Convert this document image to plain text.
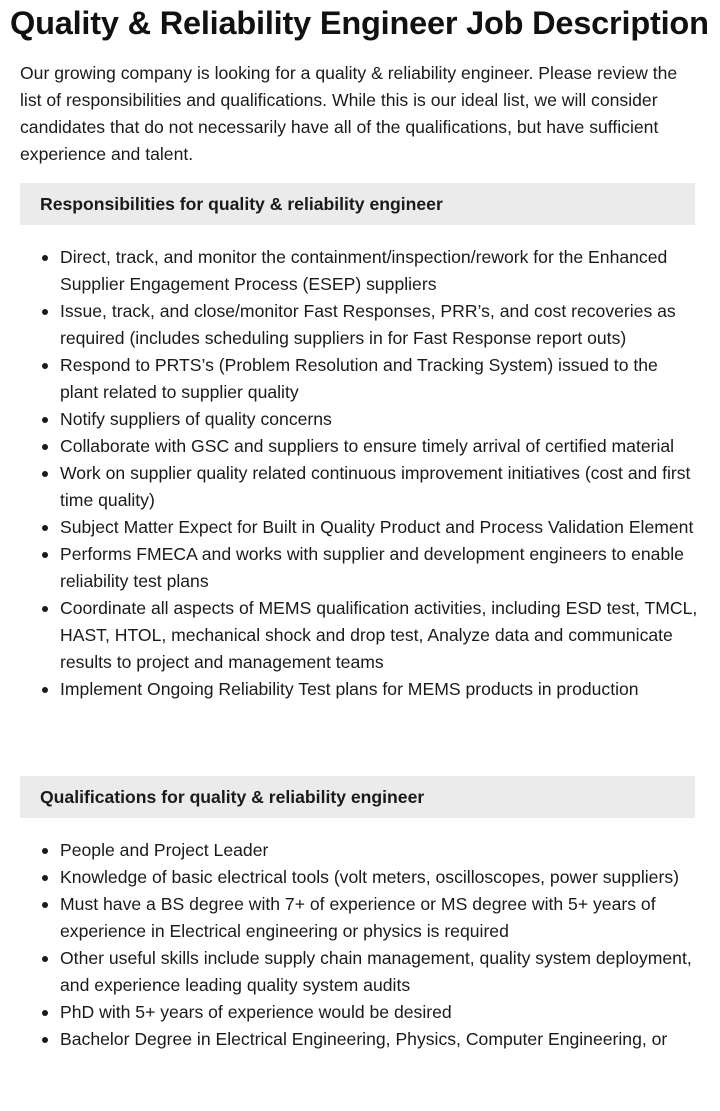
Quality & Reliability Engineer Job Description

Our growing company is looking for a quality & reliability engineer. Please review the list of responsibilities and qualifications. While this is our ideal list, we will consider candidates that do not necessarily have all of the qualifications, but have sufficient experience and talent.

Responsibilities for quality & reliability engineer
Direct, track, and monitor the containment/inspection/rework for the Enhanced Supplier Engagement Process (ESEP) suppliers
Issue, track, and close/monitor Fast Responses, PRR’s, and cost recoveries as required (includes scheduling suppliers in for Fast Response report outs)
Respond to PRTS’s (Problem Resolution and Tracking System) issued to the plant related to supplier quality
Notify suppliers of quality concerns
Collaborate with GSC and suppliers to ensure timely arrival of certified material
Work on supplier quality related continuous improvement initiatives (cost and first time quality)
Subject Matter Expect for Built in Quality Product and Process Validation Element
Performs FMECA and works with supplier and development engineers to enable reliability test plans
Coordinate all aspects of MEMS qualification activities, including ESD test, TMCL, HAST, HTOL, mechanical shock and drop test, Analyze data and communicate results to project and management teams
Implement Ongoing Reliability Test plans for MEMS products in production
Qualifications for quality & reliability engineer
People and Project Leader
Knowledge of basic electrical tools (volt meters, oscilloscopes, power suppliers)
Must have a BS degree with 7+ of experience or MS degree with 5+ years of experience in Electrical engineering or physics is required
Other useful skills include supply chain management, quality system deployment, and experience leading quality system audits
PhD with 5+ years of experience would be desired
Bachelor Degree in Electrical Engineering, Physics, Computer Engineering, or
